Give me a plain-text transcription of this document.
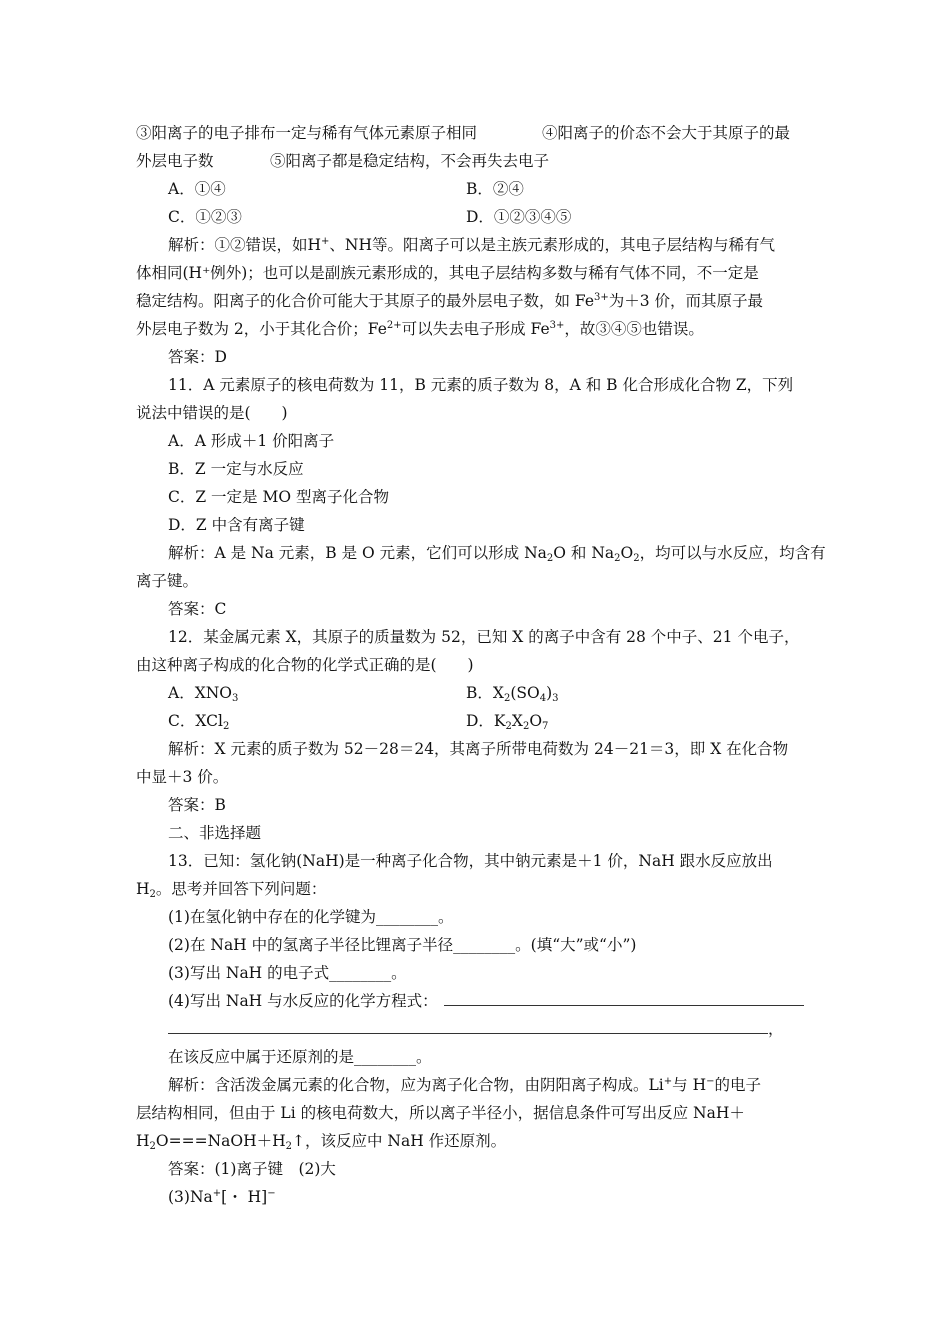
③阳离子的电子排布一定与稀有气体元素原子相同	④阳离子的价态不会大于其原子的最
外层电子数	⑤阳离子都是稳定结构，不会再失去电子
A．①④	B．②④
C．①②③	D．①②③④⑤
解析：①②错误，如H+、NH等。阳离子可以是主族元素形成的，其电子层结构与稀有气
体相同(H⁺例外)；也可以是副族元素形成的，其电子层结构多数与稀有气体不同，不一定是
稳定结构。阳离子的化合价可能大于其原子的最外层电子数，如 $Fe^{3+}$为＋3 价，而其原子最
外层电子数为 2，小于其化合价；$Fe^{2+}$可以失去电子形成 $Fe^{3+}$，故③④⑤也错误。
答案：D
11．A 元素原子的核电荷数为 11，B 元素的质子数为 8，A 和 B 化合形成化合物 Z，下列
说法中错误的是(　　)
A．A 形成＋1 价阳离子
B．Z 一定与水反应
C．Z 一定是 MO 型离子化合物
D．Z 中含有离子键
解析：A 是 Na 元素，B 是 O 元素，它们可以形成 $Na_2O$ 和 $Na_2O_2$，均可以与水反应，均含有
离子键。
答案：C
12．某金属元素 X，其原子的质量数为 52，已知 X 的离子中含有 28 个中子、21 个电子，
由这种离子构成的化合物的化学式正确的是(　　)
A．$XNO_3$	B．$X_2(SO_4)_3$
C．XCl$_2$	D．$K_2X_2O_7$
解析：X 元素的质子数为 52－28＝24，其离子所带电荷数为 24－21＝3，即 X 在化合物
中显＋3 价。
答案：B
二、非选择题
13．已知：氢化钠(NaH)是一种离子化合物，其中钠元素是＋1 价，NaH 跟水反应放出
$H_2$。思考并回答下列问题：
(1)在氢化钠中存在的化学键为________。
(2)在 NaH 中的氢离子半径比锂离子半径________。(填“大”或“小”)
(3)写出 NaH 的电子式________。
(4)写出 NaH 与水反应的化学方程式：
，
在该反应中属于还原剂的是________。
解析：含活泼金属元素的化合物，应为离子化合物，由阴阳离子构成。Li+与 H−的电子
层结构相同，但由于 Li 的核电荷数大，所以离子半径小，据信息条件可写出反应 NaH＋
$H_2O===NaOH+H_2↑$，该反应中 NaH 作还原剂。
答案：(1)离子键　(2)大
(3)Na+[・ H]−
